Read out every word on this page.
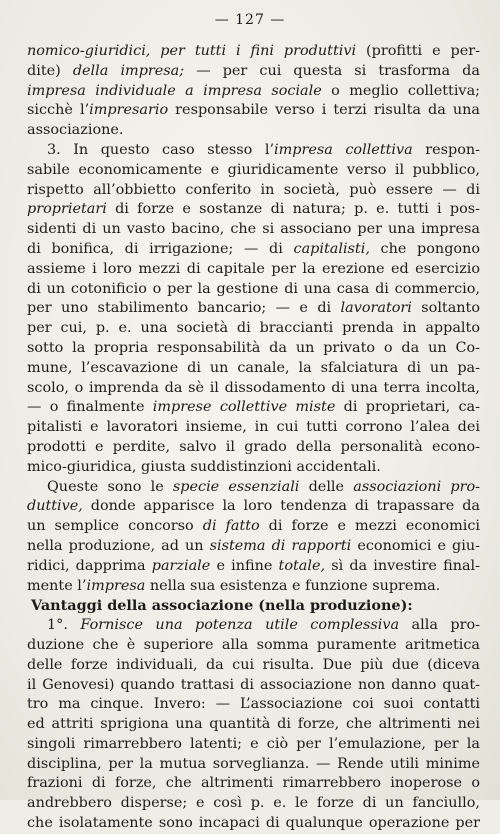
— 127 —
nomico-giuridici, per tutti i fini produttivi (profitti e per-
dite) della impresa; — per cui questa si trasforma da
impresa individuale a impresa sociale o meglio collettiva;
sicchè l’impresario responsabile verso i terzi risulta da una
associazione.
3. In questo caso stesso l’impresa collettiva respon-
sabile economicamente e giuridicamente verso il pubblico,
rispetto all’obbietto conferito in società, può essere — di
proprietari di forze e sostanze di natura; p. e. tutti i pos-
sidenti di un vasto bacino, che si associano per una impresa
di bonifica, di irrigazione; — di capitalisti, che pongono
assieme i loro mezzi di capitale per la erezione ed esercizio
di un cotonificio o per la gestione di una casa di commercio,
per uno stabilimento bancario; — e di lavoratori soltanto
per cui, p. e. una società di braccianti prenda in appalto
sotto la propria responsabilità da un privato o da un Co-
mune, l’escavazione di un canale, la sfalciatura di un pa-
scolo, o imprenda da sè il dissodamento di una terra incolta,
— o finalmente imprese collettive miste di proprietari, ca-
pitalisti e lavoratori insieme, in cui tutti corrono l’alea dei
prodotti e perdite, salvo il grado della personalità econo-
mico-giuridica, giusta suddistinzioni accidentali.
Queste sono le specie essenziali delle associazioni pro-
duttive, donde apparisce la loro tendenza di trapassare da
un semplice concorso di fatto di forze e mezzi economici
nella produzione, ad un sistema di rapporti economici e giu-
ridici, dapprima parziale e infine totale, sì da investire final-
mente l’impresa nella sua esistenza e funzione suprema.
Vantaggi della associazione (nella produzione):
1°. Fornisce una potenza utile complessiva alla pro-
duzione che è superiore alla somma puramente aritmetica
delle forze individuali, da cui risulta. Due più due (diceva
il Genovesi) quando trattasi di associazione non danno quat-
tro ma cinque. Invero: — L’associazione coi suoi contatti
ed attriti sprigiona una quantità di forze, che altrimenti nei
singoli rimarrebbero latenti; e ciò per l’emulazione, per la
disciplina, per la mutua sorveglianza. — Rende utili minime
frazioni di forze, che altrimenti rimarrebbero inoperose o
andrebbero disperse; e così p. e. le forze di un fanciullo,
che isolatamente sono incapaci di qualunque operazione per
